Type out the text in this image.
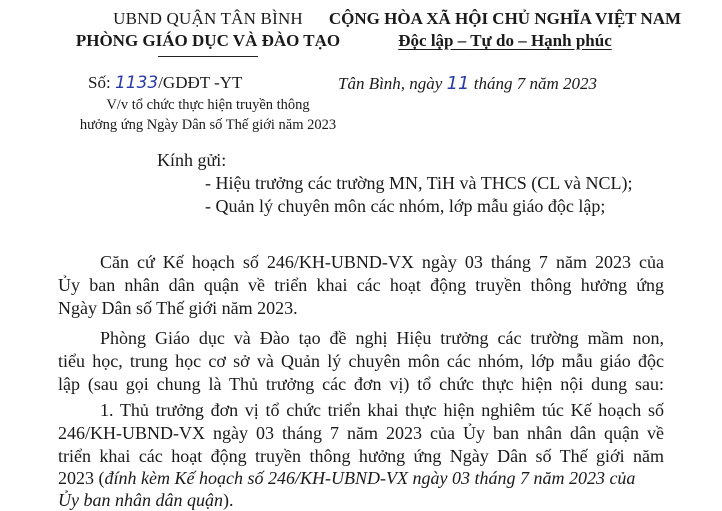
UBND QUẬN TÂN BÌNH
PHÒNG GIÁO DỤC VÀ ĐÀO TẠO
CỘNG HÒA XÃ HỘI CHỦ NGHĨA VIỆT NAM
Độc lập – Tự do – Hạnh phúc
Số: 1133/GDĐT -YT	Tân Bình, ngày 11 tháng 7 năm 2023
V/v tổ chức thực hiện truyền thông
hưởng ứng Ngày Dân số Thế giới năm 2023
Kính gửi:
- Hiệu trưởng các trường MN, TiH và THCS (CL và NCL);
- Quản lý chuyên môn các nhóm, lớp mẫu giáo độc lập;
Căn cứ Kế hoạch số 246/KH-UBND-VX ngày 03 tháng 7 năm 2023 của
Ủy ban nhân dân quận về triển khai các hoạt động truyền thông hưởng ứng
Ngày Dân số Thế giới năm 2023.
Phòng Giáo dục và Đào tạo đề nghị Hiệu trưởng các trường mầm non,
tiểu học, trung học cơ sở và Quản lý chuyên môn các nhóm, lớp mẫu giáo độc
lập (sau gọi chung là Thủ trưởng các đơn vị) tổ chức thực hiện nội dung sau:
1. Thủ trưởng đơn vị tổ chức triển khai thực hiện nghiêm túc Kế hoạch số
246/KH-UBND-VX ngày 03 tháng 7 năm 2023 của Ủy ban nhân dân quận về
triển khai các hoạt động truyền thông hưởng ứng Ngày Dân số Thế giới năm
2023 (đính kèm Kế hoạch số 246/KH-UBND-VX ngày 03 tháng 7 năm 2023 của
Ủy ban nhân dân quận).
